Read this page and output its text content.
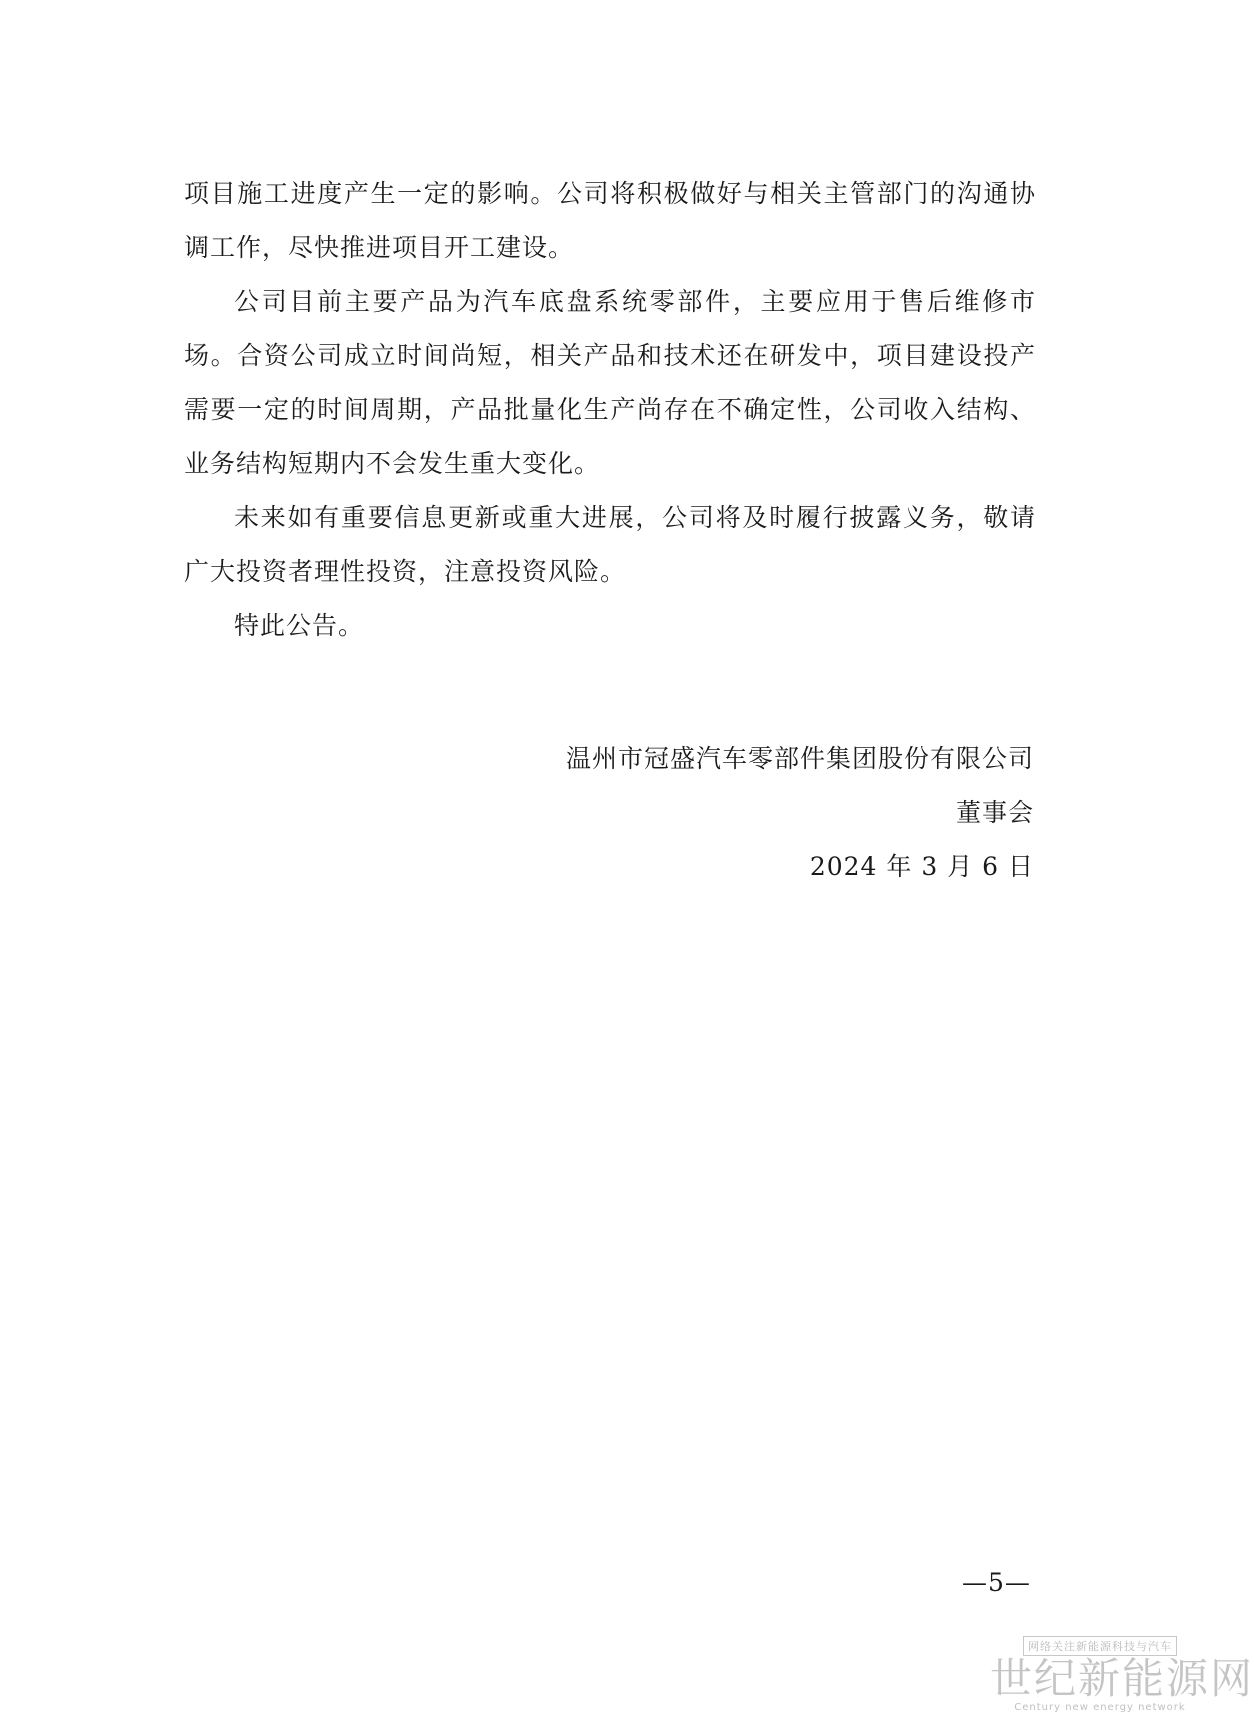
项目施工进度产生一定的影响。公司将积极做好与相关主管部门的沟通协调工作，尽快推进项目开工建设。

公司目前主要产品为汽车底盘系统零部件，主要应用于售后维修市场。合资公司成立时间尚短，相关产品和技术还在研发中，项目建设投产需要一定的时间周期，产品批量化生产尚存在不确定性，公司收入结构、业务结构短期内不会发生重大变化。

未来如有重要信息更新或重大进展，公司将及时履行披露义务，敬请广大投资者理性投资，注意投资风险。

特此公告。

温州市冠盛汽车零部件集团股份有限公司
董事会
2024 年 3 月 6 日
—5—
网络关注新能源科技与汽车
世纪新能源网
Century new energy network
